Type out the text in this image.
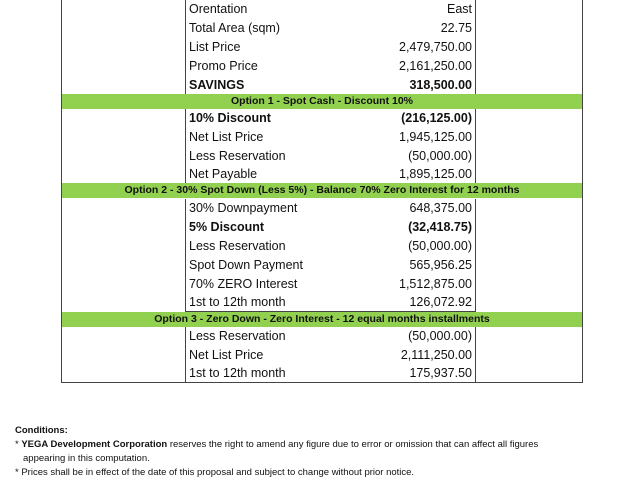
Orentation	East
Total Area (sqm)	22.75
List Price	2,479,750.00
Promo Price	2,161,250.00
SAVINGS	318,500.00
Option 1 - Spot Cash - Discount 10%
10% Discount	(216,125.00)
Net List Price	1,945,125.00
Less Reservation	(50,000.00)
Net Payable	1,895,125.00
Option 2 - 30% Spot Down (Less 5%) - Balance 70% Zero Interest for 12 months
30% Downpayment	648,375.00
5% Discount	(32,418.75)
Less Reservation	(50,000.00)
Spot Down Payment	565,956.25
70% ZERO Interest	1,512,875.00
1st to 12th month	126,072.92
Option 3 - Zero Down - Zero Interest - 12 equal months installments
Less Reservation	(50,000.00)
Net List Price	2,111,250.00
1st to 12th month	175,937.50
Conditions:
* YEGA Development Corporation reserves the right to amend any figure due to error or omission that can affect all figures
appearing in this computation.
* Prices shall be in effect of the date of this proposal and subject to change without prior notice.
